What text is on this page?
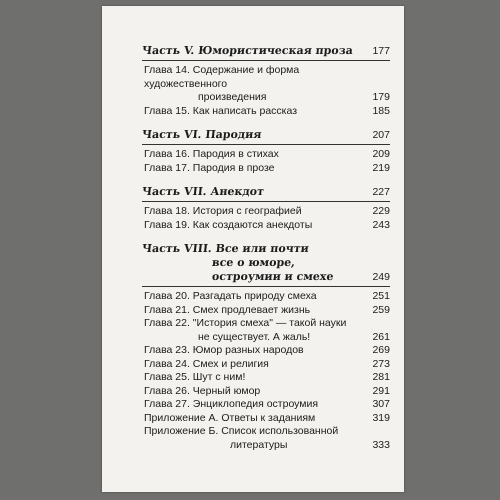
Часть V. Юмористическая проза 177
Глава 14. Содержание и форма художественного
произведения	179
Глава 15. Как написать рассказ	185
Часть VI. Пародия	207
Глава 16. Пародия в стихах	209
Глава 17. Пародия в прозе	219
Часть VII. Анекдот	227
Глава 18. История с географией	229
Глава 19. Как создаются анекдоты	243
Часть VIII. Все или почти
все о юморе,
остроумии и смехе	249
Глава 20. Разгадать природу смеха	251
Глава 21. Смех продлевает жизнь	259
Глава 22. "История смеха" — такой науки
не существует. А жаль!	261
Глава 23. Юмор разных народов	269
Глава 24. Смех и религия	273
Глава 25. Шут с ним!	281
Глава 26. Черный юмор	291
Глава 27. Энциклопедия остроумия	307
Приложение А. Ответы к заданиям	319
Приложение Б. Список использованной
литературы	333
